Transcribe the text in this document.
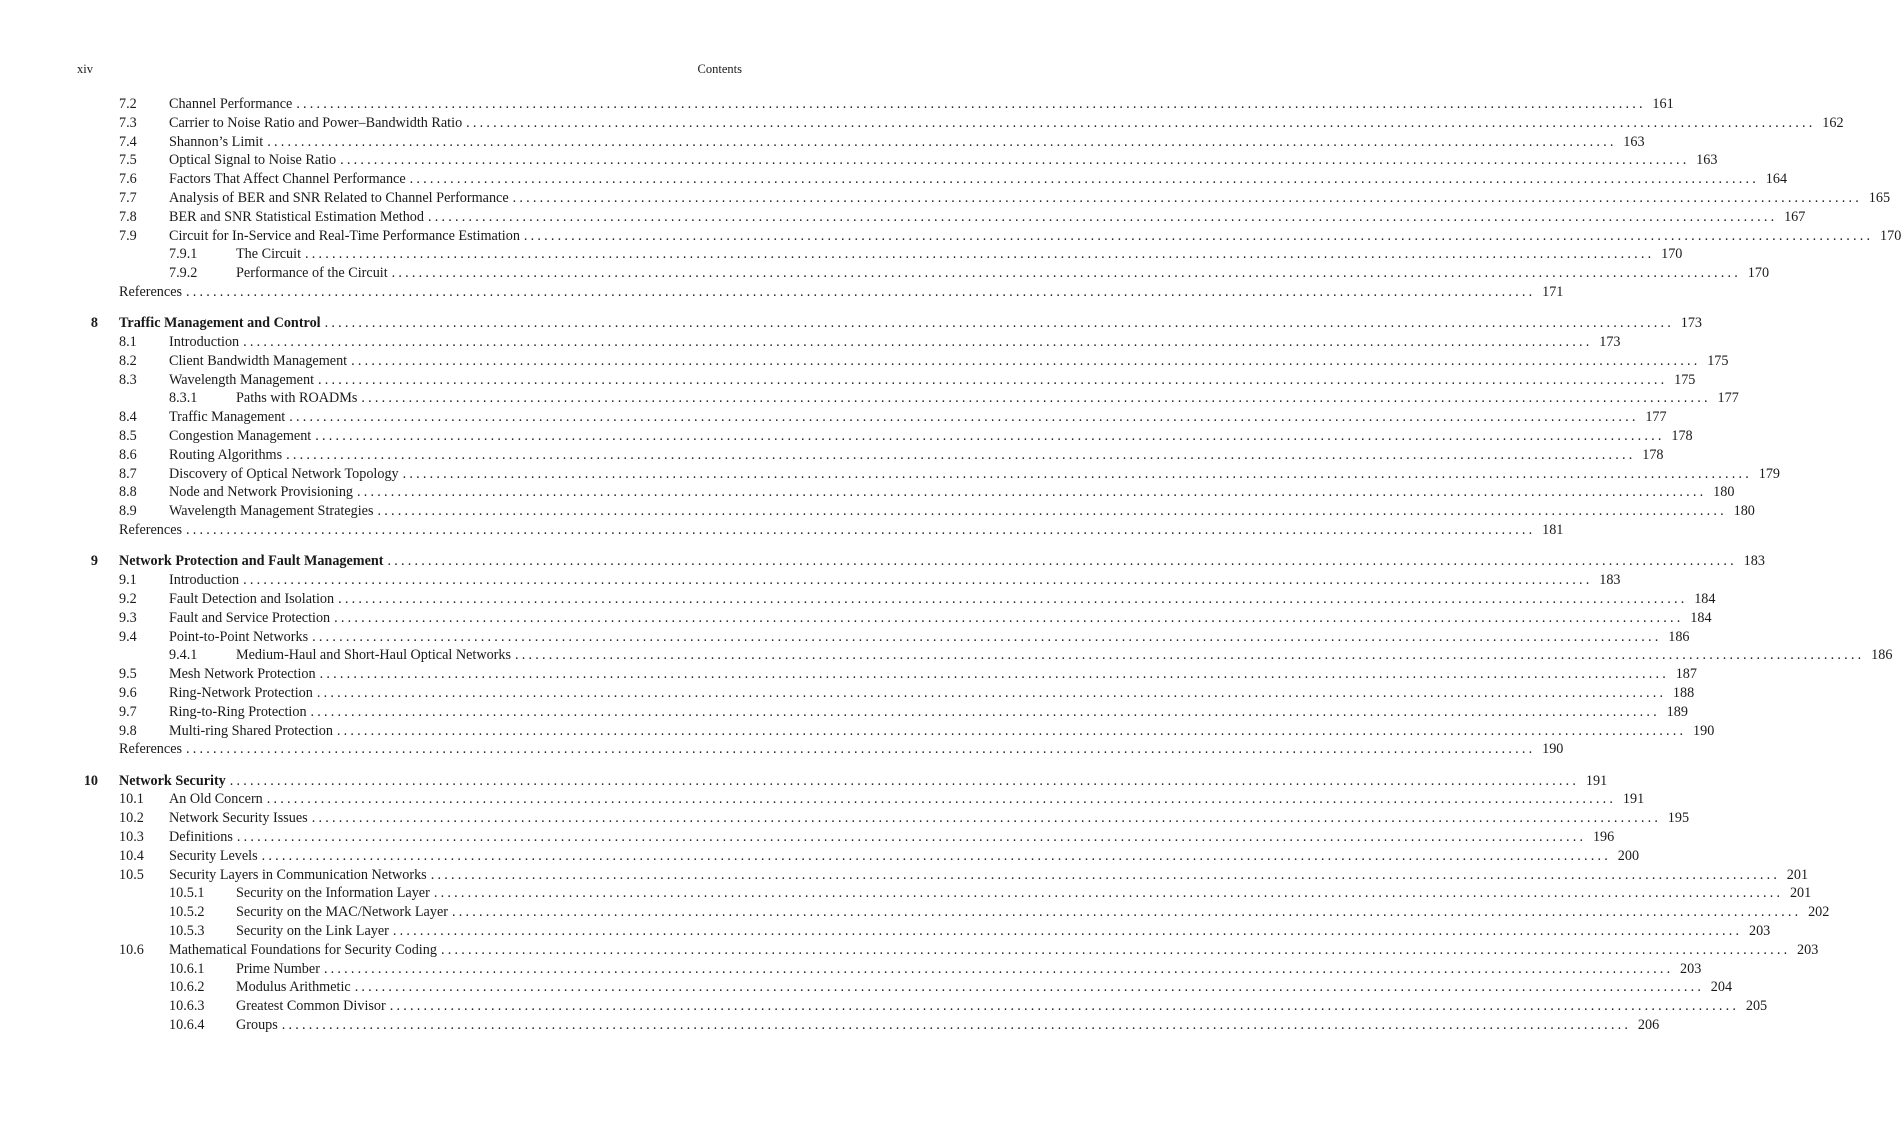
xiv	Contents
7.2 Channel Performance ........................................................................................................................................................................................................ 161
7.3 Carrier to Noise Ratio and Power–Bandwidth Ratio ........................................................................................................................................................................................................ 162
7.4 Shannon’s Limit ........................................................................................................................................................................................................ 163
7.5 Optical Signal to Noise Ratio ........................................................................................................................................................................................................ 163
7.6 Factors That Affect Channel Performance ........................................................................................................................................................................................................ 164
7.7 Analysis of BER and SNR Related to Channel Performance ........................................................................................................................................................................................................ 165
7.8 BER and SNR Statistical Estimation Method ........................................................................................................................................................................................................ 167
7.9 Circuit for In-Service and Real-Time Performance Estimation ........................................................................................................................................................................................................ 170
7.9.1	The Circuit ........................................................................................................................................................................................................ 170
7.9.2	Performance of the Circuit ........................................................................................................................................................................................................ 170
References ........................................................................................................................................................................................................ 171
8 Traffic Management and Control ........................................................................................................................................................................................................ 173
8.1 Introduction ........................................................................................................................................................................................................ 173
8.2 Client Bandwidth Management ........................................................................................................................................................................................................ 175
8.3 Wavelength Management ........................................................................................................................................................................................................ 175
8.3.1	Paths with ROADMs ........................................................................................................................................................................................................ 177
8.4 Traffic Management ........................................................................................................................................................................................................ 177
8.5 Congestion Management ........................................................................................................................................................................................................ 178
8.6 Routing Algorithms ........................................................................................................................................................................................................ 178
8.7 Discovery of Optical Network Topology ........................................................................................................................................................................................................ 179
8.8 Node and Network Provisioning ........................................................................................................................................................................................................ 180
8.9 Wavelength Management Strategies ........................................................................................................................................................................................................ 180
References ........................................................................................................................................................................................................ 181
9 Network Protection and Fault Management ........................................................................................................................................................................................................ 183
9.1 Introduction ........................................................................................................................................................................................................ 183
9.2 Fault Detection and Isolation ........................................................................................................................................................................................................ 184
9.3 Fault and Service Protection ........................................................................................................................................................................................................ 184
9.4 Point-to-Point Networks ........................................................................................................................................................................................................ 186
9.4.1	Medium-Haul and Short-Haul Optical Networks ........................................................................................................................................................................................................ 186
9.5 Mesh Network Protection ........................................................................................................................................................................................................ 187
9.6 Ring-Network Protection ........................................................................................................................................................................................................ 188
9.7 Ring-to-Ring Protection ........................................................................................................................................................................................................ 189
9.8 Multi-ring Shared Protection ........................................................................................................................................................................................................ 190
References ........................................................................................................................................................................................................ 190
10 Network Security ........................................................................................................................................................................................................ 191
10.1 An Old Concern ........................................................................................................................................................................................................ 191
10.2 Network Security Issues ........................................................................................................................................................................................................ 195
10.3 Definitions ........................................................................................................................................................................................................ 196
10.4 Security Levels ........................................................................................................................................................................................................ 200
10.5 Security Layers in Communication Networks ........................................................................................................................................................................................................ 201
10.5.1 Security on the Information Layer ........................................................................................................................................................................................................ 201
10.5.2 Security on the MAC/Network Layer ........................................................................................................................................................................................................ 202
10.5.3 Security on the Link Layer ........................................................................................................................................................................................................ 203
10.6 Mathematical Foundations for Security Coding ........................................................................................................................................................................................................ 203
10.6.1 Prime Number ........................................................................................................................................................................................................ 203
10.6.2 Modulus Arithmetic ........................................................................................................................................................................................................ 204
10.6.3 Greatest Common Divisor ........................................................................................................................................................................................................ 205
10.6.4 Groups ........................................................................................................................................................................................................ 206
